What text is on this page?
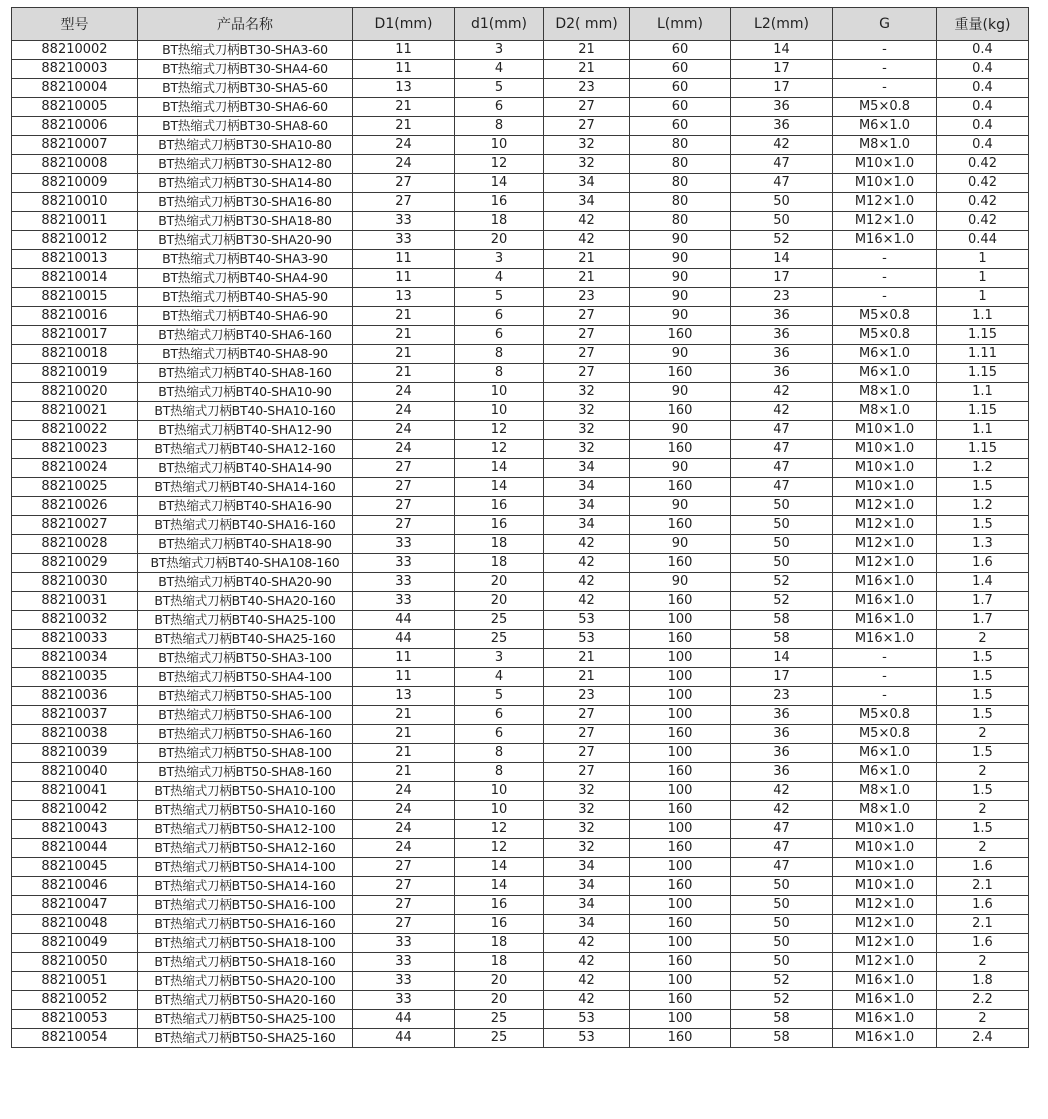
型号	产品名称	D1(mm)	d1(mm)	D2( mm)	L(mm)	L2(mm)	G	重量(kg)
88210002	BT热缩式刀柄BT30-SHA3-60	11	3	21	60	14	-	0.4
88210003	BT热缩式刀柄BT30-SHA4-60	11	4	21	60	17	-	0.4
88210004	BT热缩式刀柄BT30-SHA5-60	13	5	23	60	17	-	0.4
88210005	BT热缩式刀柄BT30-SHA6-60	21	6	27	60	36	M5×0.8	0.4
88210006	BT热缩式刀柄BT30-SHA8-60	21	8	27	60	36	M6×1.0	0.4
88210007	BT热缩式刀柄BT30-SHA10-80	24	10	32	80	42	M8×1.0	0.4
88210008	BT热缩式刀柄BT30-SHA12-80	24	12	32	80	47	M10×1.0	0.42
88210009	BT热缩式刀柄BT30-SHA14-80	27	14	34	80	47	M10×1.0	0.42
88210010	BT热缩式刀柄BT30-SHA16-80	27	16	34	80	50	M12×1.0	0.42
88210011	BT热缩式刀柄BT30-SHA18-80	33	18	42	80	50	M12×1.0	0.42
88210012	BT热缩式刀柄BT30-SHA20-90	33	20	42	90	52	M16×1.0	0.44
88210013	BT热缩式刀柄BT40-SHA3-90	11	3	21	90	14	-	1
88210014	BT热缩式刀柄BT40-SHA4-90	11	4	21	90	17	-	1
88210015	BT热缩式刀柄BT40-SHA5-90	13	5	23	90	23	-	1
88210016	BT热缩式刀柄BT40-SHA6-90	21	6	27	90	36	M5×0.8	1.1
88210017	BT热缩式刀柄BT40-SHA6-160	21	6	27	160	36	M5×0.8	1.15
88210018	BT热缩式刀柄BT40-SHA8-90	21	8	27	90	36	M6×1.0	1.11
88210019	BT热缩式刀柄BT40-SHA8-160	21	8	27	160	36	M6×1.0	1.15
88210020	BT热缩式刀柄BT40-SHA10-90	24	10	32	90	42	M8×1.0	1.1
88210021	BT热缩式刀柄BT40-SHA10-160	24	10	32	160	42	M8×1.0	1.15
88210022	BT热缩式刀柄BT40-SHA12-90	24	12	32	90	47	M10×1.0	1.1
88210023	BT热缩式刀柄BT40-SHA12-160	24	12	32	160	47	M10×1.0	1.15
88210024	BT热缩式刀柄BT40-SHA14-90	27	14	34	90	47	M10×1.0	1.2
88210025	BT热缩式刀柄BT40-SHA14-160	27	14	34	160	47	M10×1.0	1.5
88210026	BT热缩式刀柄BT40-SHA16-90	27	16	34	90	50	M12×1.0	1.2
88210027	BT热缩式刀柄BT40-SHA16-160	27	16	34	160	50	M12×1.0	1.5
88210028	BT热缩式刀柄BT40-SHA18-90	33	18	42	90	50	M12×1.0	1.3
88210029	BT热缩式刀柄BT40-SHA108-160	33	18	42	160	50	M12×1.0	1.6
88210030	BT热缩式刀柄BT40-SHA20-90	33	20	42	90	52	M16×1.0	1.4
88210031	BT热缩式刀柄BT40-SHA20-160	33	20	42	160	52	M16×1.0	1.7
88210032	BT热缩式刀柄BT40-SHA25-100	44	25	53	100	58	M16×1.0	1.7
88210033	BT热缩式刀柄BT40-SHA25-160	44	25	53	160	58	M16×1.0	2
88210034	BT热缩式刀柄BT50-SHA3-100	11	3	21	100	14	-	1.5
88210035	BT热缩式刀柄BT50-SHA4-100	11	4	21	100	17	-	1.5
88210036	BT热缩式刀柄BT50-SHA5-100	13	5	23	100	23	-	1.5
88210037	BT热缩式刀柄BT50-SHA6-100	21	6	27	100	36	M5×0.8	1.5
88210038	BT热缩式刀柄BT50-SHA6-160	21	6	27	160	36	M5×0.8	2
88210039	BT热缩式刀柄BT50-SHA8-100	21	8	27	100	36	M6×1.0	1.5
88210040	BT热缩式刀柄BT50-SHA8-160	21	8	27	160	36	M6×1.0	2
88210041	BT热缩式刀柄BT50-SHA10-100	24	10	32	100	42	M8×1.0	1.5
88210042	BT热缩式刀柄BT50-SHA10-160	24	10	32	160	42	M8×1.0	2
88210043	BT热缩式刀柄BT50-SHA12-100	24	12	32	100	47	M10×1.0	1.5
88210044	BT热缩式刀柄BT50-SHA12-160	24	12	32	160	47	M10×1.0	2
88210045	BT热缩式刀柄BT50-SHA14-100	27	14	34	100	47	M10×1.0	1.6
88210046	BT热缩式刀柄BT50-SHA14-160	27	14	34	160	50	M10×1.0	2.1
88210047	BT热缩式刀柄BT50-SHA16-100	27	16	34	100	50	M12×1.0	1.6
88210048	BT热缩式刀柄BT50-SHA16-160	27	16	34	160	50	M12×1.0	2.1
88210049	BT热缩式刀柄BT50-SHA18-100	33	18	42	100	50	M12×1.0	1.6
88210050	BT热缩式刀柄BT50-SHA18-160	33	18	42	160	50	M12×1.0	2
88210051	BT热缩式刀柄BT50-SHA20-100	33	20	42	100	52	M16×1.0	1.8
88210052	BT热缩式刀柄BT50-SHA20-160	33	20	42	160	52	M16×1.0	2.2
88210053	BT热缩式刀柄BT50-SHA25-100	44	25	53	100	58	M16×1.0	2
88210054	BT热缩式刀柄BT50-SHA25-160	44	25	53	160	58	M16×1.0	2.4
